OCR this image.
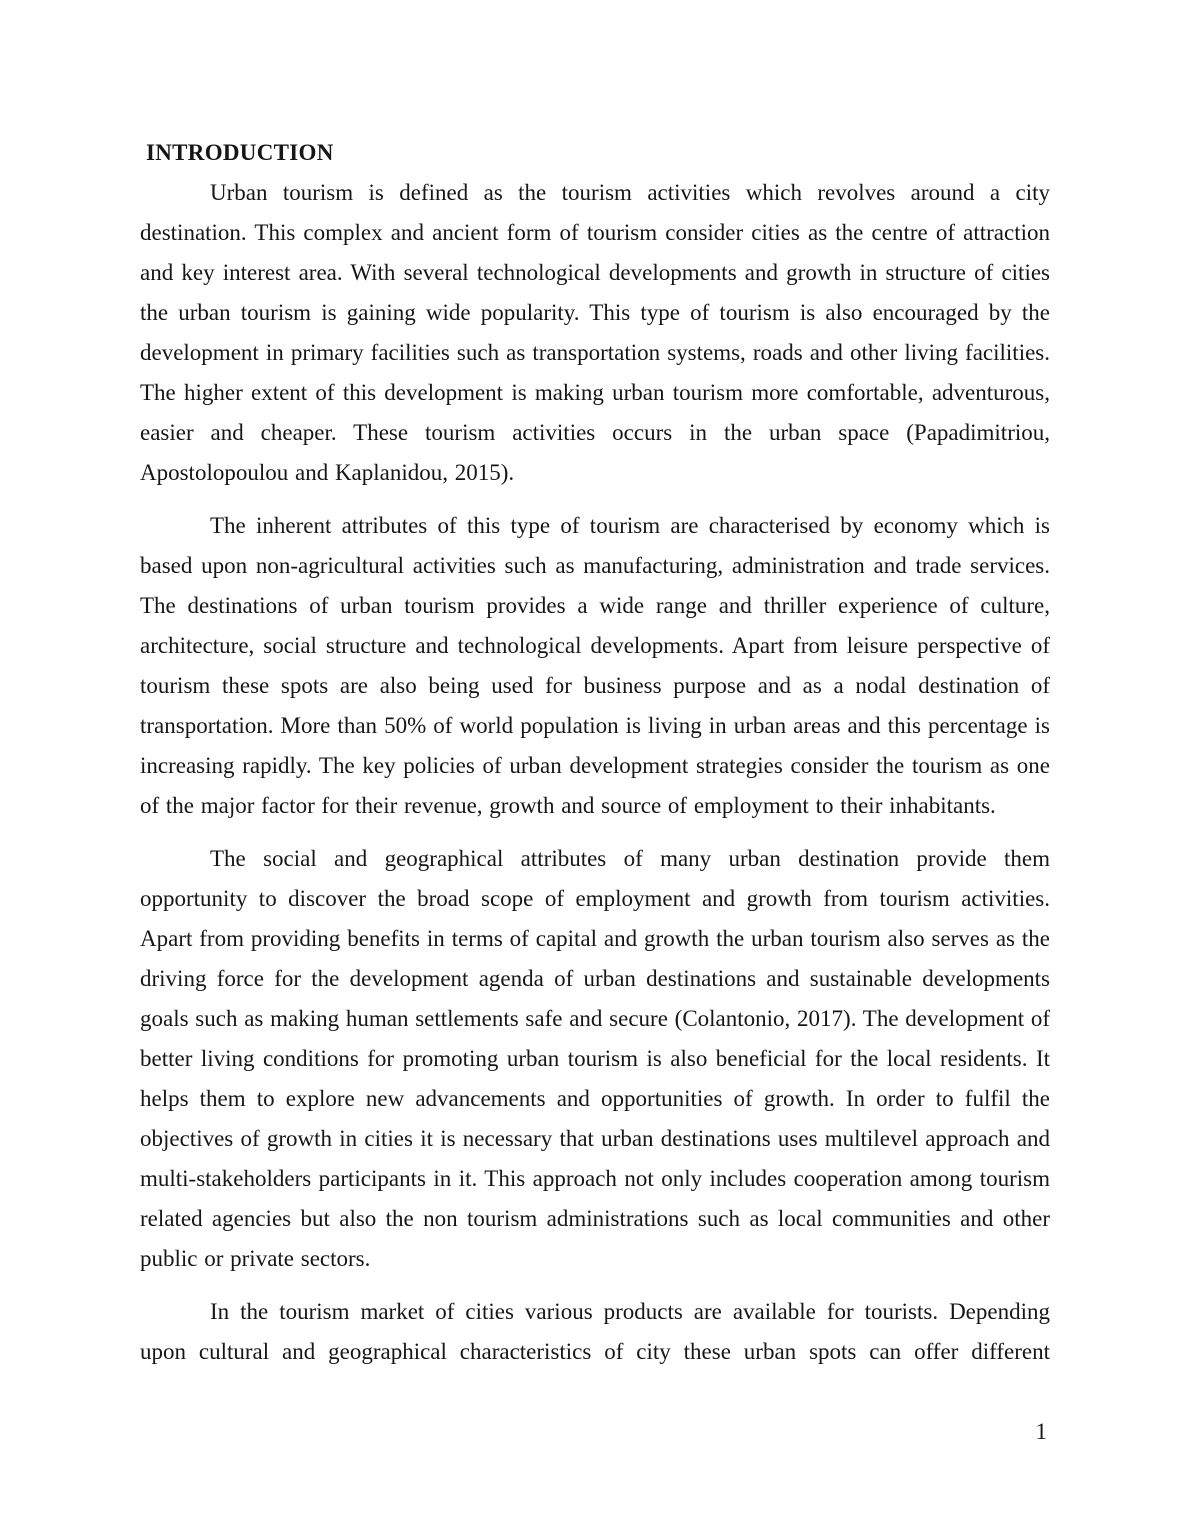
INTRODUCTION

Urban tourism is defined as the tourism activities which revolves around a city destination. This complex and ancient form of tourism consider cities as the centre of attraction and key interest area. With several technological developments and growth in structure of cities the urban tourism is gaining wide popularity. This type of tourism is also encouraged by the development in primary facilities such as transportation systems, roads and other living facilities. The higher extent of this development is making urban tourism more comfortable, adventurous, easier and cheaper. These tourism activities occurs in the urban space (Papadimitriou, Apostolopoulou and Kaplanidou, 2015).

The inherent attributes of this type of tourism are characterised by economy which is based upon non-agricultural activities such as manufacturing, administration and trade services. The destinations of urban tourism provides a wide range and thriller experience of culture, architecture, social structure and technological developments. Apart from leisure perspective of tourism these spots are also being used for business purpose and as a nodal destination of transportation. More than 50% of world population is living in urban areas and this percentage is increasing rapidly. The key policies of urban development strategies consider the tourism as one of the major factor for their revenue, growth and source of employment to their inhabitants.

The social and geographical attributes of many urban destination provide them opportunity to discover the broad scope of employment and growth from tourism activities. Apart from providing benefits in terms of capital and growth the urban tourism also serves as the driving force for the development agenda of urban destinations and sustainable developments goals such as making human settlements safe and secure (Colantonio, 2017). The development of better living conditions for promoting urban tourism is also beneficial for the local residents. It helps them to explore new advancements and opportunities of growth. In order to fulfil the objectives of growth in cities it is necessary that urban destinations uses multilevel approach and multi-stakeholders participants in it. This approach not only includes cooperation among tourism related agencies but also the non tourism administrations such as local communities and other public or private sectors.

In the tourism market of cities various products are available for tourists. Depending upon cultural and geographical characteristics of city these urban spots can offer different

1
